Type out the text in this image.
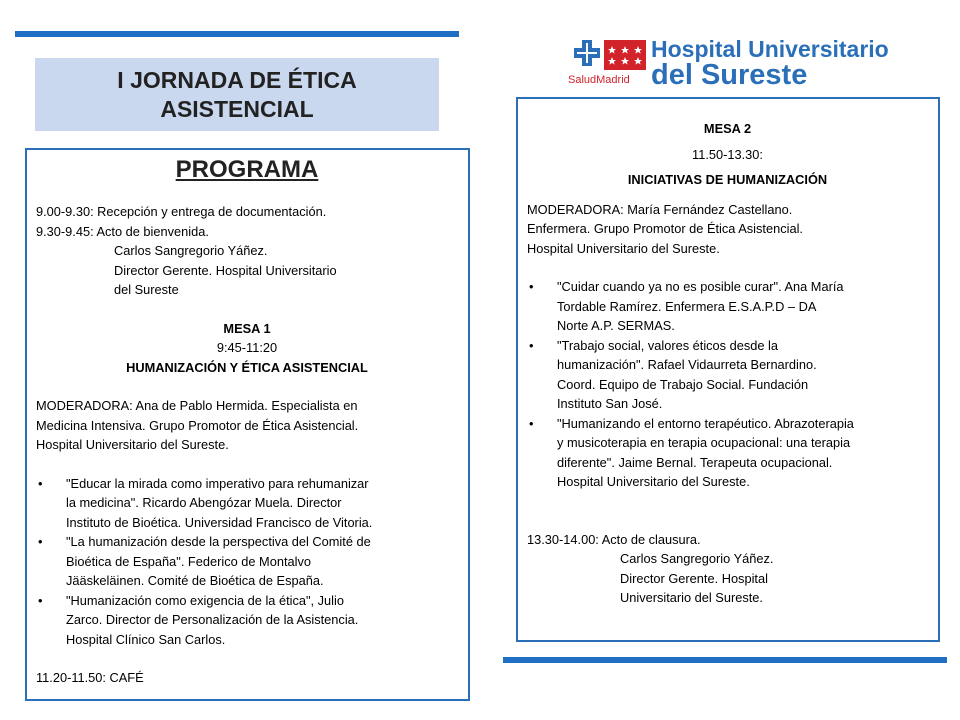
I JORNADA DE ÉTICA
ASISTENCIAL
SaludMadrid
Hospital Universitario
del Sureste
PROGRAMA
9.00-9.30: Recepción y entrega de documentación.
9.30-9.45: Acto de bienvenida.
Carlos Sangregorio Yáñez.
Director Gerente. Hospital Universitario
del Sureste
MESA 1
9:45-11:20
HUMANIZACIÓN Y ÉTICA ASISTENCIAL
MODERADORA: Ana de Pablo Hermida. Especialista en
Medicina Intensiva. Grupo Promotor de Ética Asistencial.
Hospital Universitario del Sureste.
• "Educar la mirada como imperativo para rehumanizar
la medicina". Ricardo Abengózar Muela. Director
Instituto de Bioética. Universidad Francisco de Vitoria.
• "La humanización desde la perspectiva del Comité de
Bioética de España". Federico de Montalvo
Jääskeläinen. Comité de Bioética de España.
• "Humanización como exigencia de la ética", Julio
Zarco. Director de Personalización de la Asistencia.
Hospital Clínico San Carlos.
11.20-11.50: CAFÉ
MESA 2
11.50-13.30:
INICIATIVAS DE HUMANIZACIÓN
MODERADORA: María Fernández Castellano.
Enfermera. Grupo Promotor de Ética Asistencial.
Hospital Universitario del Sureste.
• "Cuidar cuando ya no es posible curar". Ana María
Tordable Ramírez. Enfermera E.S.A.P.D – DA
Norte A.P. SERMAS.
• "Trabajo social, valores éticos desde la
humanización". Rafael Vidaurreta Bernardino.
Coord. Equipo de Trabajo Social. Fundación
Instituto San José.
• "Humanizando el entorno terapéutico. Abrazoterapia
y musicoterapia en terapia ocupacional: una terapia
diferente". Jaime Bernal. Terapeuta ocupacional.
Hospital Universitario del Sureste.
13.30-14.00: Acto de clausura.
Carlos Sangregorio Yáñez.
Director Gerente. Hospital
Universitario del Sureste.
